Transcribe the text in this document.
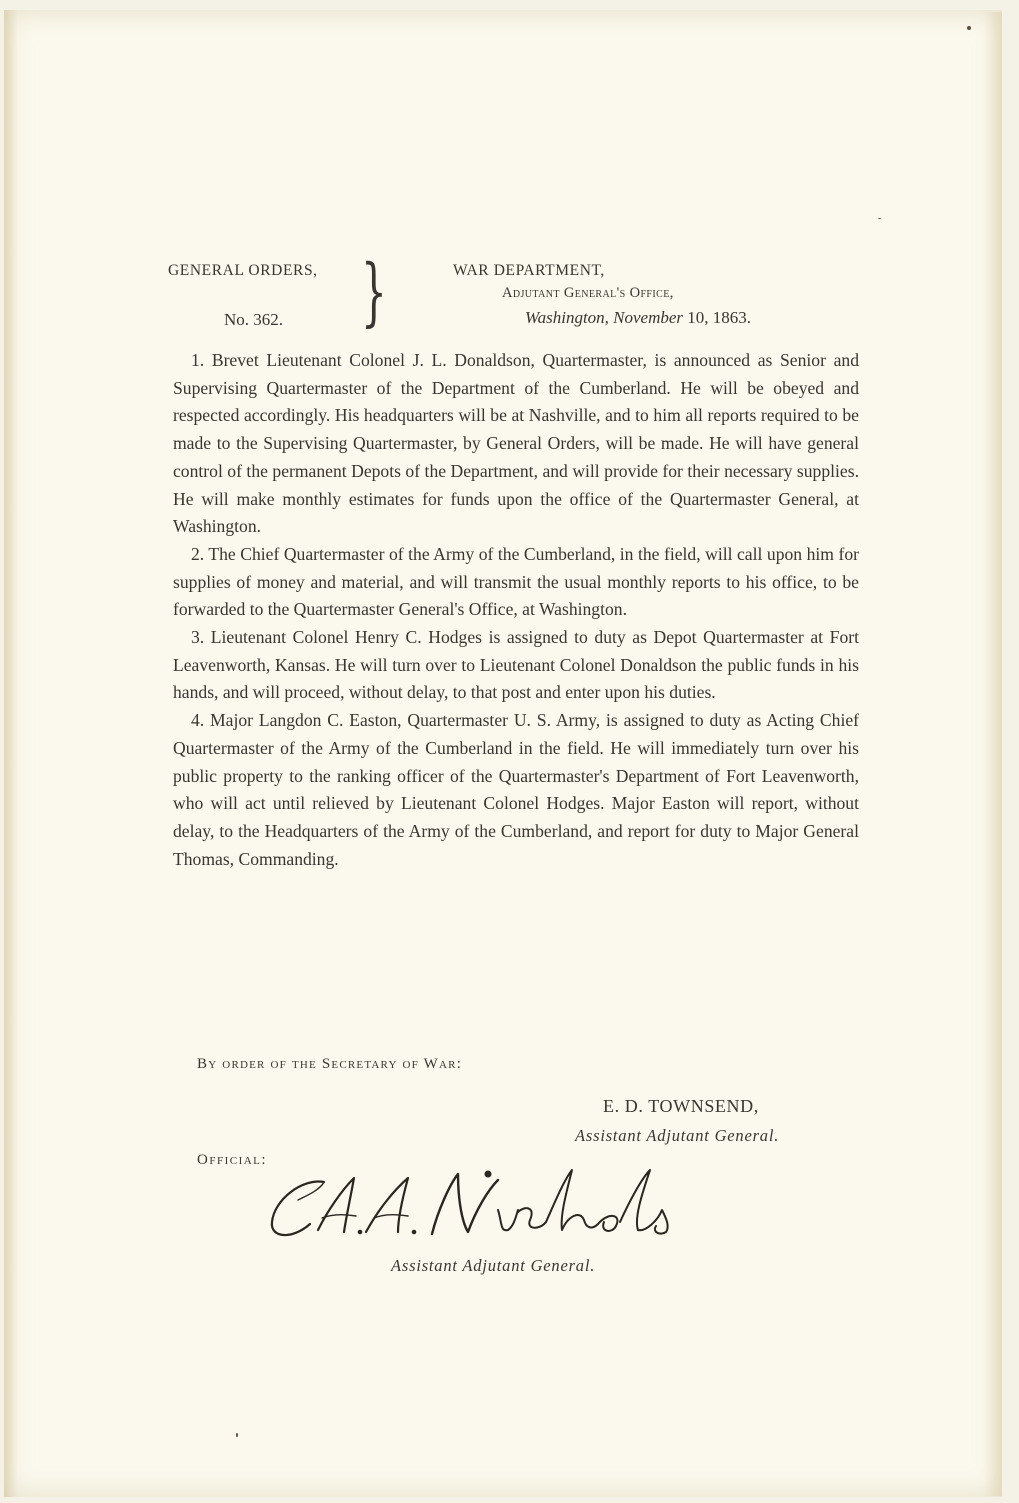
GENERAL ORDERS,
No. 362. }	WAR DEPARTMENT,
Adjutant General's Office,
Washington, November 10, 1863.

1. Brevet Lieutenant Colonel J. L. Donaldson, Quartermaster, is announced as Senior and Supervising Quartermaster of the Department of the Cumberland. He will be obeyed and respected accordingly. His headquarters will be at Nashville, and to him all reports required to be made to the Supervising Quartermaster, by General Orders, will be made. He will have general control of the permanent Depots of the Department, and will provide for their necessary supplies. He will make monthly estimates for funds upon the office of the Quartermaster General, at Washington.

2. The Chief Quartermaster of the Army of the Cumberland, in the field, will call upon him for supplies of money and material, and will transmit the usual monthly reports to his office, to be forwarded to the Quartermaster General's Office, at Washington.

3. Lieutenant Colonel Henry C. Hodges is assigned to duty as Depot Quartermaster at Fort Leavenworth, Kansas. He will turn over to Lieutenant Colonel Donaldson the public funds in his hands, and will proceed, without delay, to that post and enter upon his duties.

4. Major Langdon C. Easton, Quartermaster U. S. Army, is assigned to duty as Acting Chief Quartermaster of the Army of the Cumberland in the field. He will immediately turn over his public property to the ranking officer of the Quartermaster's Department of Fort Leavenworth, who will act until relieved by Lieutenant Colonel Hodges. Major Easton will report, without delay, to the Headquarters of the Army of the Cumberland, and report for duty to Major General Thomas, Commanding.

By order of the Secretary of War:
E. D. TOWNSEND,
Assistant Adjutant General.
Official:
Assistant Adjutant General.
